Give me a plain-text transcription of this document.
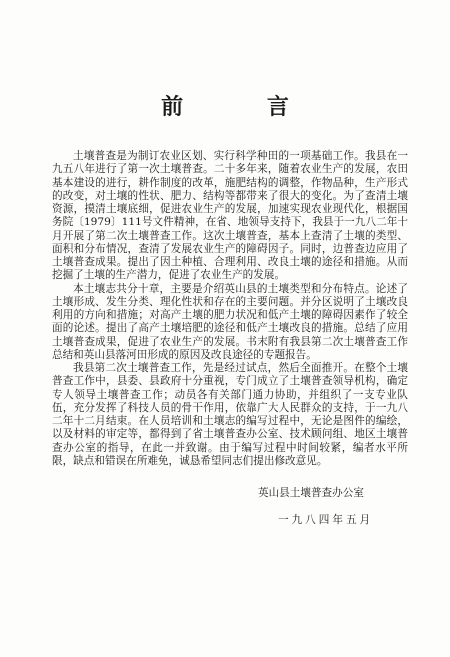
前 言

土壤普查是为制订农业区划、实行科学种田的一项基础工作。我县在一九五八年进行了第一次土壤普查。二十多年来，随着农业生产的发展，农田基本建设的进行，耕作制度的改革，施肥结构的调整，作物品种，生产形式的改变，对土壤的性状、肥力、结构等都带来了很大的变化。为了查清土壤资源，摸清土壤底细，促进农业生产的发展，加速实现农业现代化，根据国务院〔1979〕111号文件精神，在省、地领导支持下，我县于一九八二年十月开展了第二次土壤普查工作。这次土壤普查，基本上查清了土壤的类型、面积和分布情况，查清了发展农业生产的障碍因子。同时，边普查边应用了土壤普查成果。提出了因土种植、合理利用、改良土壤的途径和措施。从而挖掘了土壤的生产潜力，促进了农业生产的发展。

本土壤志共分十章，主要是介绍英山县的土壤类型和分布特点。论述了土壤形成、发生分类、理化性状和存在的主要问题。并分区说明了土壤改良利用的方向和措施；对高产土壤的肥力状况和低产土壤的障碍因素作了较全面的论述。提出了高产土壤培肥的途径和低产土壤改良的措施。总结了应用土壤普查成果，促进了农业生产的发展。书末附有我县第二次土壤普查工作总结和英山县落河田形成的原因及改良途径的专题报告。

我县第二次土壤普查工作，先是经过试点，然后全面推开。在整个土壤普查工作中，县委、县政府十分重视，专门成立了土壤普查领导机构，确定专人领导土壤普查工作；动员各有关部门通力协助，并组织了一支专业队伍，充分发挥了科技人员的骨干作用，依靠广大人民群众的支持，于一九八二年十二月结束。在人员培训和土壤志的编写过程中，无论是图件的编绘，以及材料的审定等，都得到了省土壤普查办公室、技术顾问组、地区土壤普查办公室的指导，在此一并致谢。由于编写过程中时间较紧，编者水平所限，缺点和错误在所难免，诚恳希望同志们提出修改意见。

英山县土壤普查办公室
一九八四年五月
